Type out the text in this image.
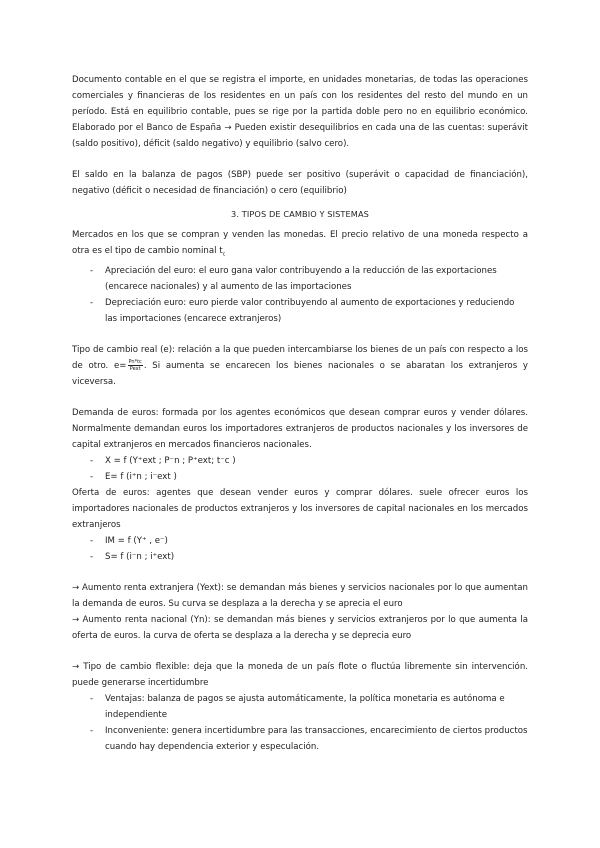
Documento contable en el que se registra el importe, en unidades monetarias, de todas las operaciones comerciales y financieras de los residentes en un país con los residentes del resto del mundo en un período. Está en equilibrio contable, pues se rige por la partida doble pero no en equilibrio económico. Elaborado por el Banco de España → Pueden existir desequilibrios en cada una de las cuentas: superávit (saldo positivo), déficit (saldo negativo) y equilibrio (salvo cero).

El saldo en la balanza de pagos (SBP) puede ser positivo (superávit o capacidad de financiación), negativo (déficit o necesidad de financiación) o cero (equilibrio)

3. TIPOS DE CAMBIO Y SISTEMAS

Mercados en los que se compran y venden las monedas. El precio relativo de una moneda respecto a otra es el tipo de cambio nominal $t_c$

- Apreciación del euro: el euro gana valor contribuyendo a la reducción de las exportaciones (encarece nacionales) y al aumento de las importaciones
- Depreciación euro: euro pierde valor contribuyendo al aumento de exportaciones y reduciendo las importaciones (encarece extranjeros)

Tipo de cambio real (e): relación a la que pueden intercambiarse los bienes de un país con respecto a los de otro. $e= \frac{Pn*tc}{\text{Pext}}$ . Si aumenta se encarecen los bienes nacionales o se abaratan los extranjeros y viceversa.

Demanda de euros: formada por los agentes económicos que desean comprar euros y vender dólares. Normalmente demandan euros los importadores extranjeros de productos nacionales y los inversores de capital extranjeros en mercados financieros nacionales.

- X = f (Y⁺ext ; P⁻n ; P⁺ext; t⁻c )
- E= f (i⁺n ; i⁻ext )

Oferta de euros: agentes que desean vender euros y comprar dólares. suele ofrecer euros los importadores nacionales de productos extranjeros y los inversores de capital nacionales en los mercados extranjeros

- IM = f (Y⁺ , e⁻)
- S= f (i⁻n ; i⁺ext)

→ Aumento renta extranjera (Yext): se demandan más bienes y servicios nacionales por lo que aumentan la demanda de euros. Su curva se desplaza a la derecha y se aprecia el euro

→ Aumento renta nacional (Yn): se demandan más bienes y servicios extranjeros por lo que aumenta la oferta de euros. la curva de oferta se desplaza a la derecha y se deprecia euro

→ Tipo de cambio flexible: deja que la moneda de un país flote o fluctúa libremente sin intervención. puede generarse incertidumbre

- Ventajas: balanza de pagos se ajusta automáticamente, la política monetaria es autónoma e independiente
- Inconveniente: genera incertidumbre para las transacciones, encarecimiento de ciertos productos cuando hay dependencia exterior y especulación.
